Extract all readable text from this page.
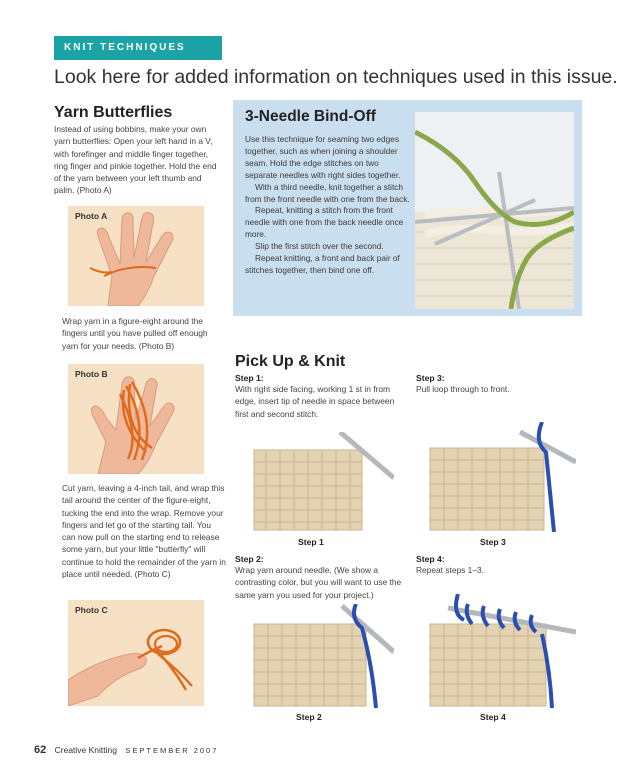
KNIT TECHNIQUES
Look here for added information on techniques used in this issue.
Yarn Butterflies
Instead of using bobbins, make your own yarn butterflies: Open your left hand in a V, with forefinger and middle finger together, ring finger and pinkie together. Hold the end of the yarn between your left thumb and palm. (Photo A)
Photo A
Wrap yarn in a figure-eight around the fingers until you have pulled off enough yarn for your needs. (Photo B)
Photo B
Cut yarn, leaving a 4-inch tail, and wrap this tail around the center of the figure-eight, tucking the end into the wrap. Remove your fingers and let go of the starting tail. You can now pull on the starting end to release some yarn, but your little "butterfly" will continue to hold the remainder of the yarn in place until needed. (Photo C)
Photo C
3-Needle Bind-Off

Use this technique for seaming two edges together, such as when joining a shoulder seam. Hold the edge stitches on two separate needles with right sides together.

With a third needle, knit together a stitch from the front needle with one from the back.

Repeat, knitting a stitch from the front needle with one from the back needle once more.

Slip the first stitch over the second.

Repeat knitting, a front and back pair of stitches together, then bind one off.

Pick Up & Knit
Step 1:
With right side facing, working 1 st in from edge, insert tip of needle in space between first and second stitch.
Step 3:
Pull loop through to front.
Step 1	Step 3
Step 2:
Wrap yarn around needle. (We show a contrasting color, but you will want to use the same yarn you used for your project.)
Step 4:
Repeat steps 1–3.
Step 2	Step 4
62 Creative Knitting SEPTEMBER 2007
